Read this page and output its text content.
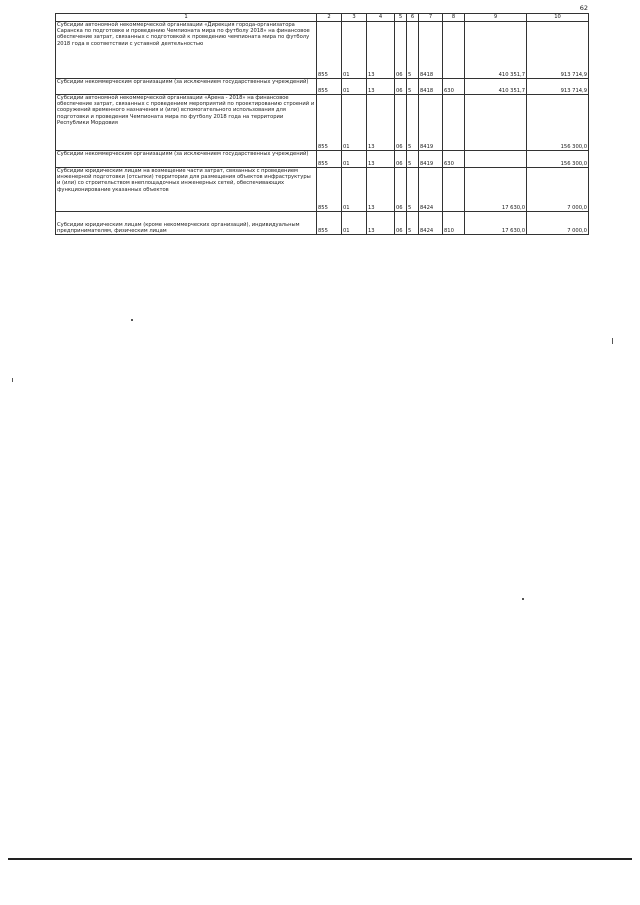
62
1	2	3	4	5	6	7	8	9	10
Субсидии автономной некоммерческой организации «Дирекция города-организатора Саранска по подготовке и проведению Чемпионата мира по футболу 2018» на финансовое обеспечение затрат, связанных с подготовкой к проведению чемпионата мира по футболу 2018 года в соответствии с уставной деятельностью	855	01	13	06	5	8418		410 351,7	913 714,9
Субсидии некоммерческим организациям (за исключением государственных учреждений)	855	01	13	06	5	8418	630	410 351,7	913 714,9
Субсидии автономной некоммерческой организации «Арена - 2018» на финансовое обеспечение затрат, связанных с проведением мероприятий по проектированию строений и сооружений временного назначения и (или) вспомогательного использования для подготовки и проведения Чемпионата мира по футболу 2018 года на территории Республики Мордовия	855	01	13	06	5	8419			156 300,0
Субсидии некоммерческим организациям (за исключением государственных учреждений)	855	01	13	06	5	8419	630		156 300,0
Субсидии юридическим лицам на возмещение части затрат, связанных с проведением инженерной подготовки (отсыпки) территории для размещения объектов инфраструктуры и (или) со строительством внеплощадочных инженерных сетей, обеспечивающих функционирование указанных объектов	855	01	13	06	5	8424		17 630,0	7 000,0
Субсидии юридическим лицам (кроме некоммерческих организаций), индивидуальным предпринимателям, физическим лицам	855	01	13	06	5	8424	810	17 630,0	7 000,0
